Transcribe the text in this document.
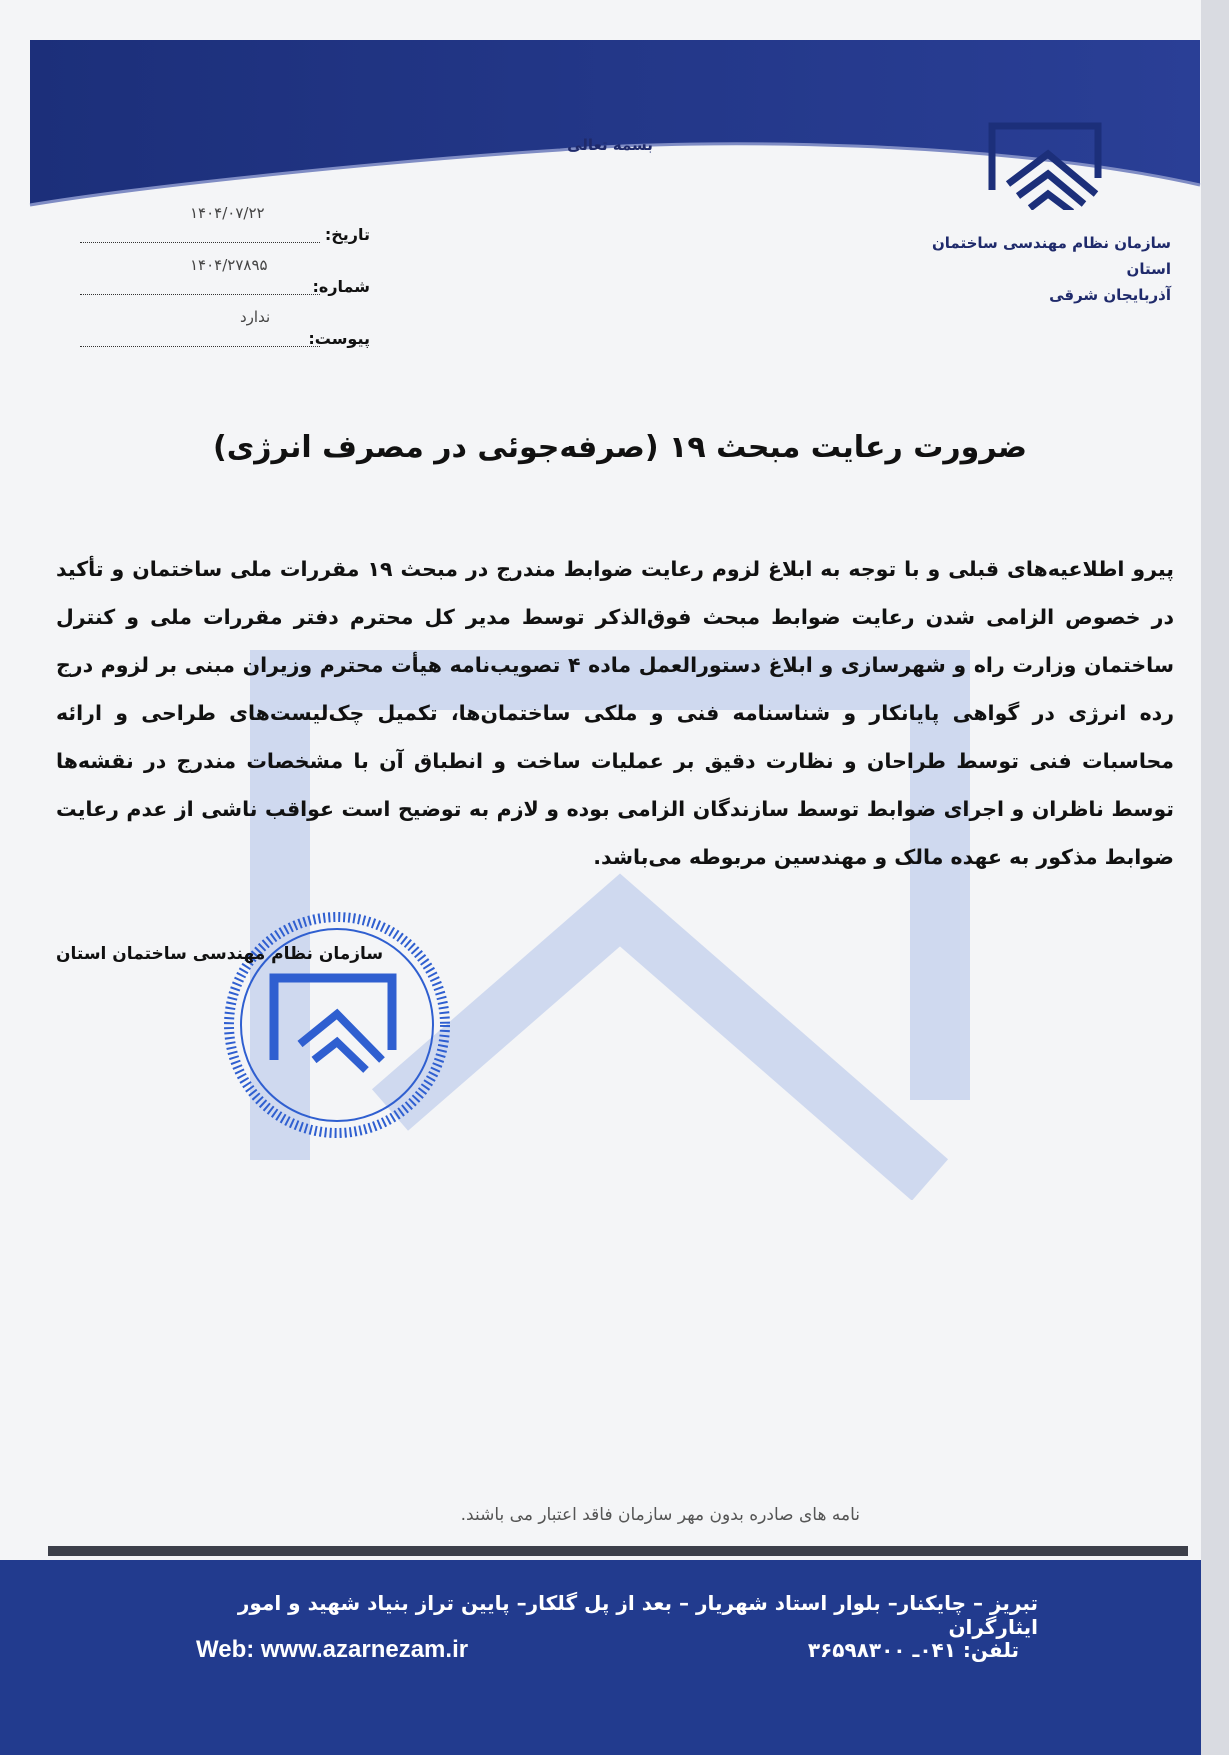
بسمه تعالی
سازمان نظام مهندسی ساختمان استان
آذربایجان شرقی
۱۴۰۴/۰۷/۲۲
تاریخ:
۱۴۰۴/۲۷۸۹۵
شماره:
ندارد
پیوست:
ضرورت رعایت مبحث ۱۹ (صرفه‌جوئی در مصرف انرژی)
پیرو اطلاعیه‌های قبلی و با توجه به ابلاغ لزوم رعایت ضوابط مندرج در مبحث ۱۹ مقررات ملی ساختمان و تأکید در خصوص الزامی شدن رعایت ضوابط مبحث فوق‌الذکر توسط مدیر کل محترم دفتر مقررات ملی و کنترل ساختمان وزارت راه و شهرسازی و ابلاغ دستورالعمل ماده ۴ تصویب‌نامه هیأت محترم وزیران مبنی بر لزوم درج رده انرژی در گواهی پایانکار و شناسنامه فنی و ملکی ساختمان‌ها، تکمیل چک‌لیست‌های طراحی و ارائه محاسبات فنی توسط طراحان و نظارت دقیق بر عملیات ساخت و انطباق آن با مشخصات مندرج در نقشه‌ها توسط ناظران و اجرای ضوابط توسط سازندگان الزامی بوده و لازم به توضیح است عواقب ناشی از عدم رعایت ضوابط مذکور به عهده مالک و مهندسین مربوطه می‌باشد.
سازمان نظام مهندسی ساختمان استان
نامه های صادره بدون مهر سازمان فاقد اعتبار می باشند.
تبریز – چایکنار– بلوار استاد شهریار – بعد از پل گلکار– پایین تراز بنیاد شهید و امور ایثارگران
تلفن: ۰۴۱ـ ۳۶۵۹۸۳۰۰
Web: www.azarnezam.ir
